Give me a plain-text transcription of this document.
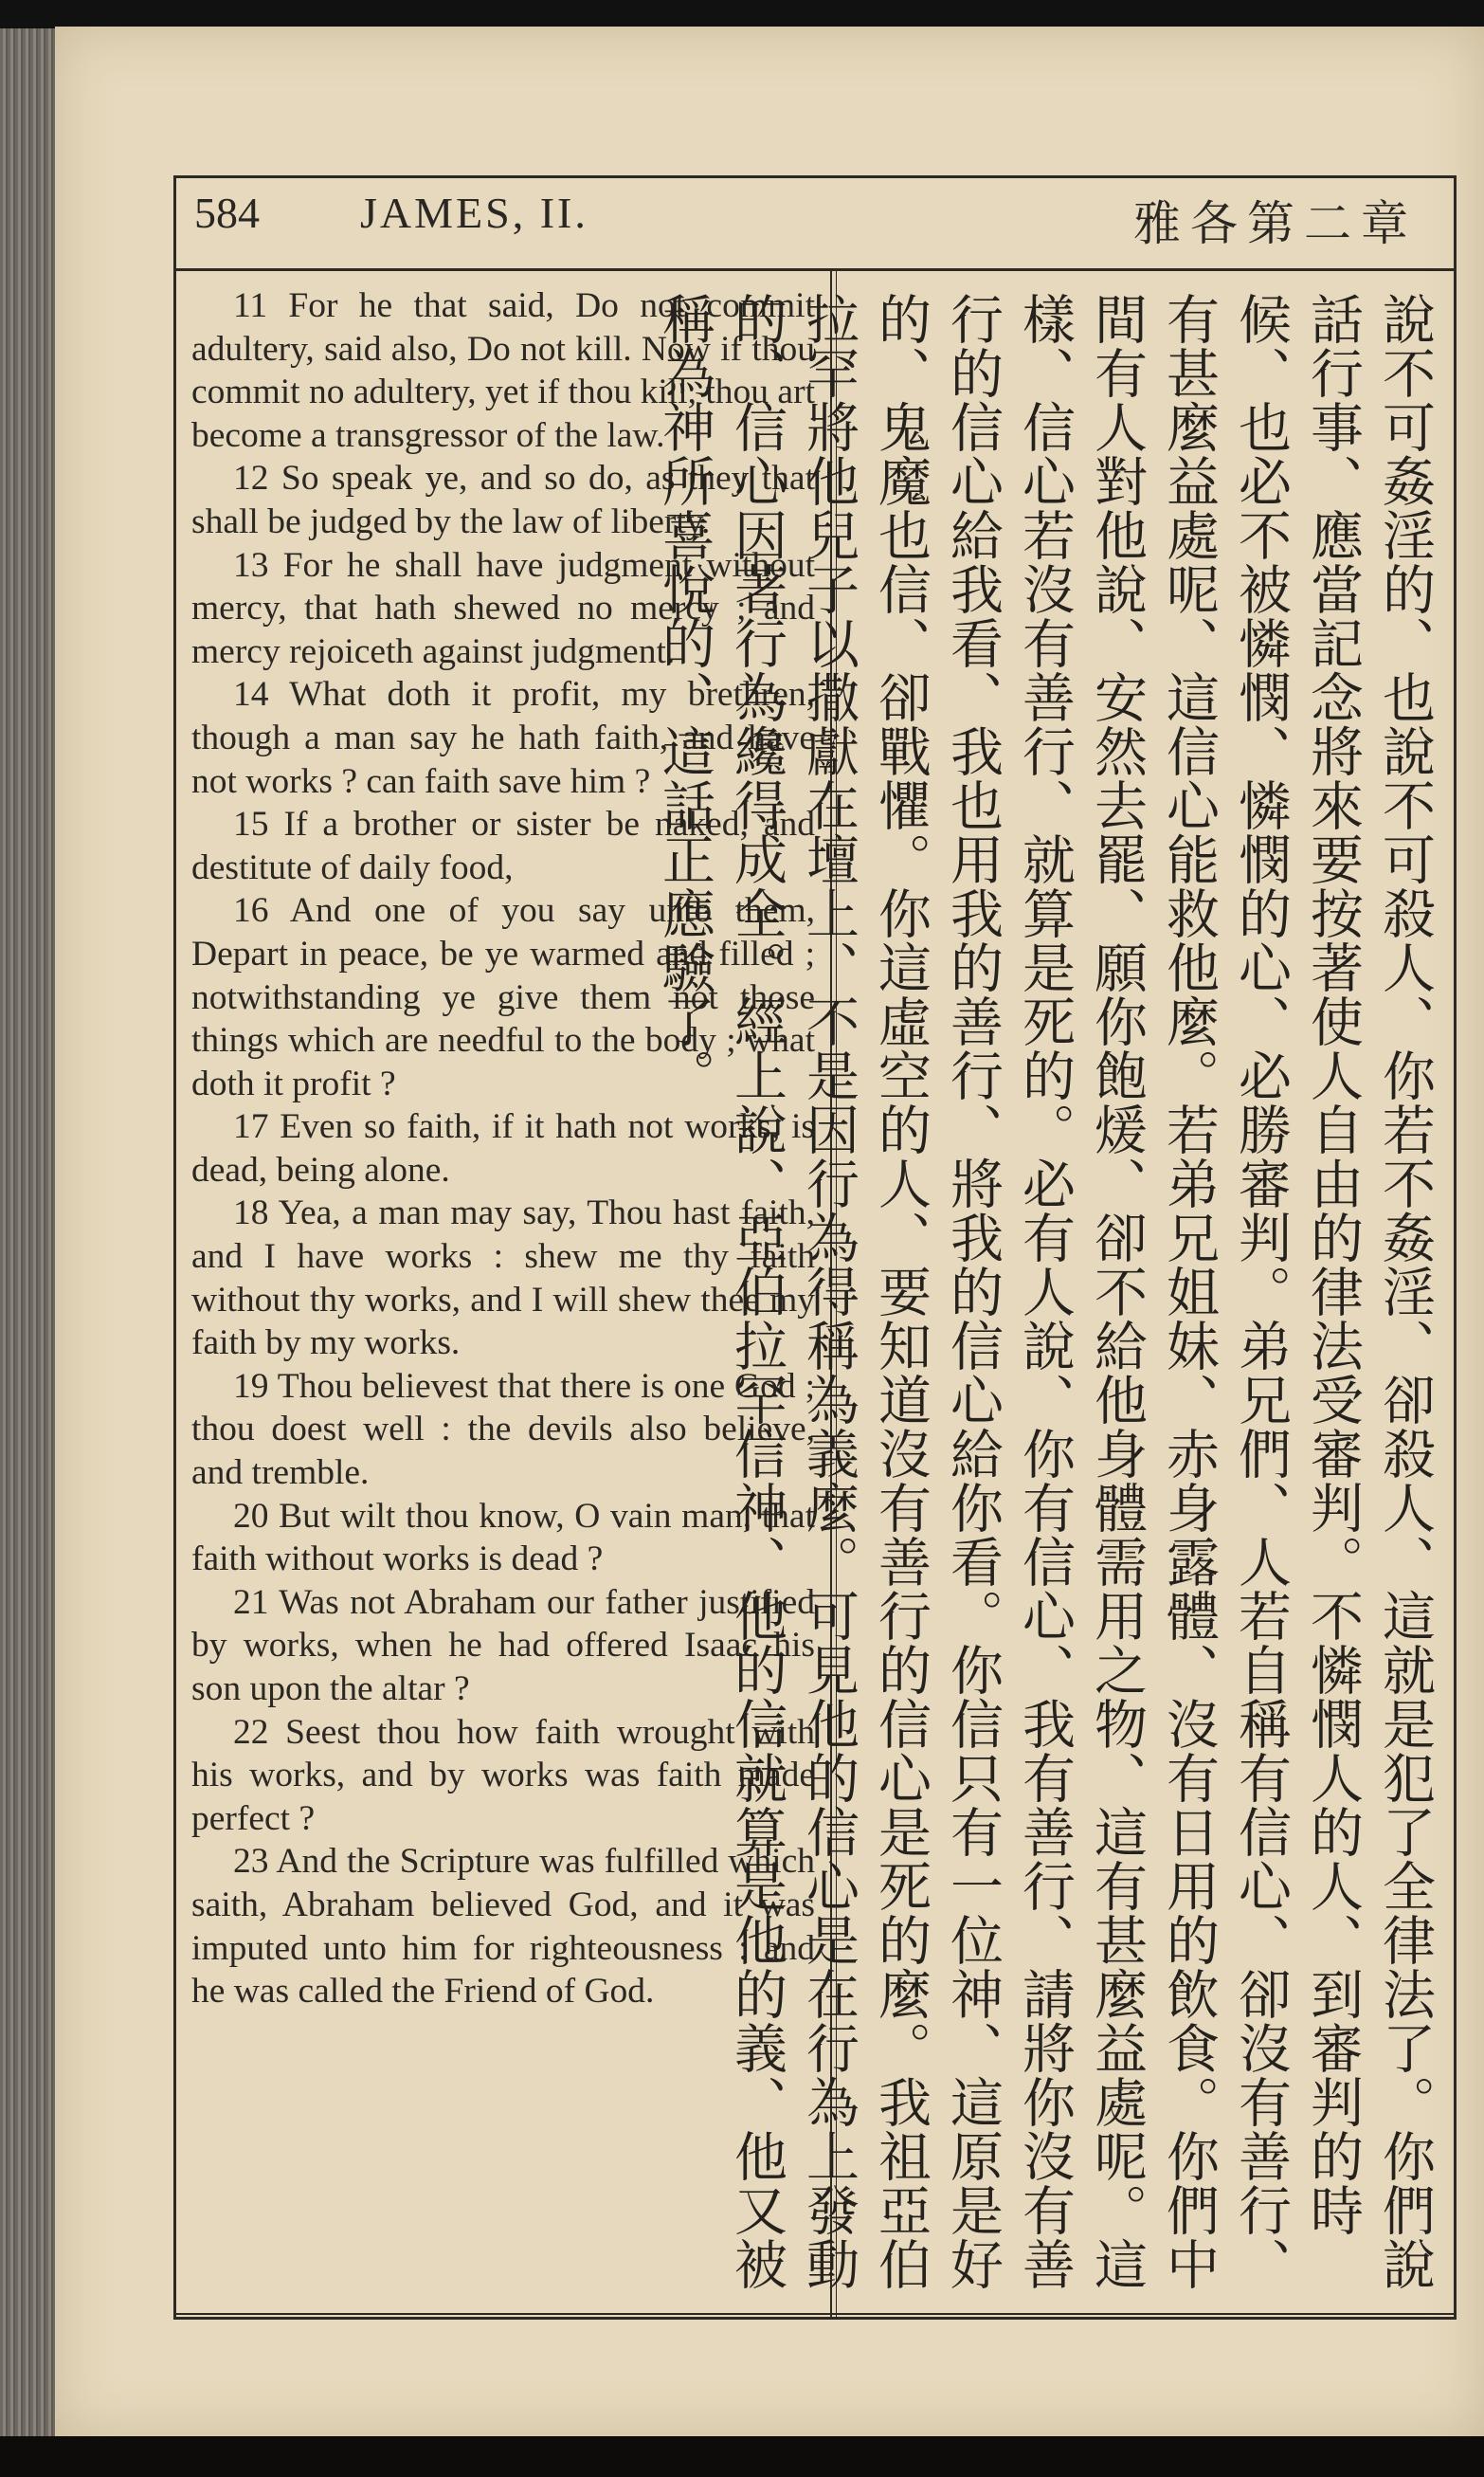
584 JAMES, II.	雅各第二章

11 For he that said, Do not commit adultery, said also, Do not kill. Now if thou commit no adultery, yet if thou kill, thou art become a transgressor of the law.

12 So speak ye, and so do, as they that shall be judged by the law of liberty.

13 For he shall have judgment without mercy, that hath shewed no mercy ; and mercy rejoiceth against judgment.

14 What doth it profit, my brethren, though a man say he hath faith, and have not works ? can faith save him ?

15 If a brother or sister be naked, and destitute of daily food,

16 And one of you say unto them, Depart in peace, be ye warmed and filled ; notwithstanding ye give them not those things which are needful to the body ; what doth it profit ?

17 Even so faith, if it hath not works, is dead, being alone.

18 Yea, a man may say, Thou hast faith, and I have works : shew me thy faith without thy works, and I will shew thee my faith by my works.

19 Thou believest that there is one God ; thou doest well : the devils also believe, and tremble.

20 But wilt thou know, O vain man, that faith without works is dead ?

21 Was not Abraham our father justified by works, when he had offered Isaac his son upon the altar ?

22 Seest thou how faith wrought with his works, and by works was faith made perfect ?

23 And the Scripture was fulfilled which saith, Abraham believed God, and it was imputed unto him for righteousness : and he was called the Friend of God.	說不可姦淫的、也說不可殺人、你若不姦淫、卻殺人、這就是犯了全律法了。你們說話行事、應當記念將來要按著使人自由的律法受審判。不憐憫人的人、到審判的時候、也必不被憐憫、憐憫的心、必勝審判。弟兄們、人若自稱有信心、卻沒有善行、有甚麼益處呢、這信心能救他麼。若弟兄姐妹、赤身露體、沒有日用的飲食。你們中間有人對他說、安然去罷、願你飽煖、卻不給他身體需用之物、這有甚麼益處呢。這樣、信心若沒有善行、就算是死的。必有人說、你有信心、我有善行、請將你沒有善行的信心給我看、我也用我的善行、將我的信心給你看。你信只有一位神、這原是好的、鬼魔也信、卻戰懼。你這虛空的人、要知道沒有善行的信心是死的麼。我祖亞伯拉罕將他兒子以撒獻在壇上、不是因行為得稱為義麼。可見他的信心是在行為上發動的、信心因著行為纔得成全。經上說、亞伯拉罕信神、他的信就算是他的義、他又被稱為神所喜悅的、這話正應驗了。
